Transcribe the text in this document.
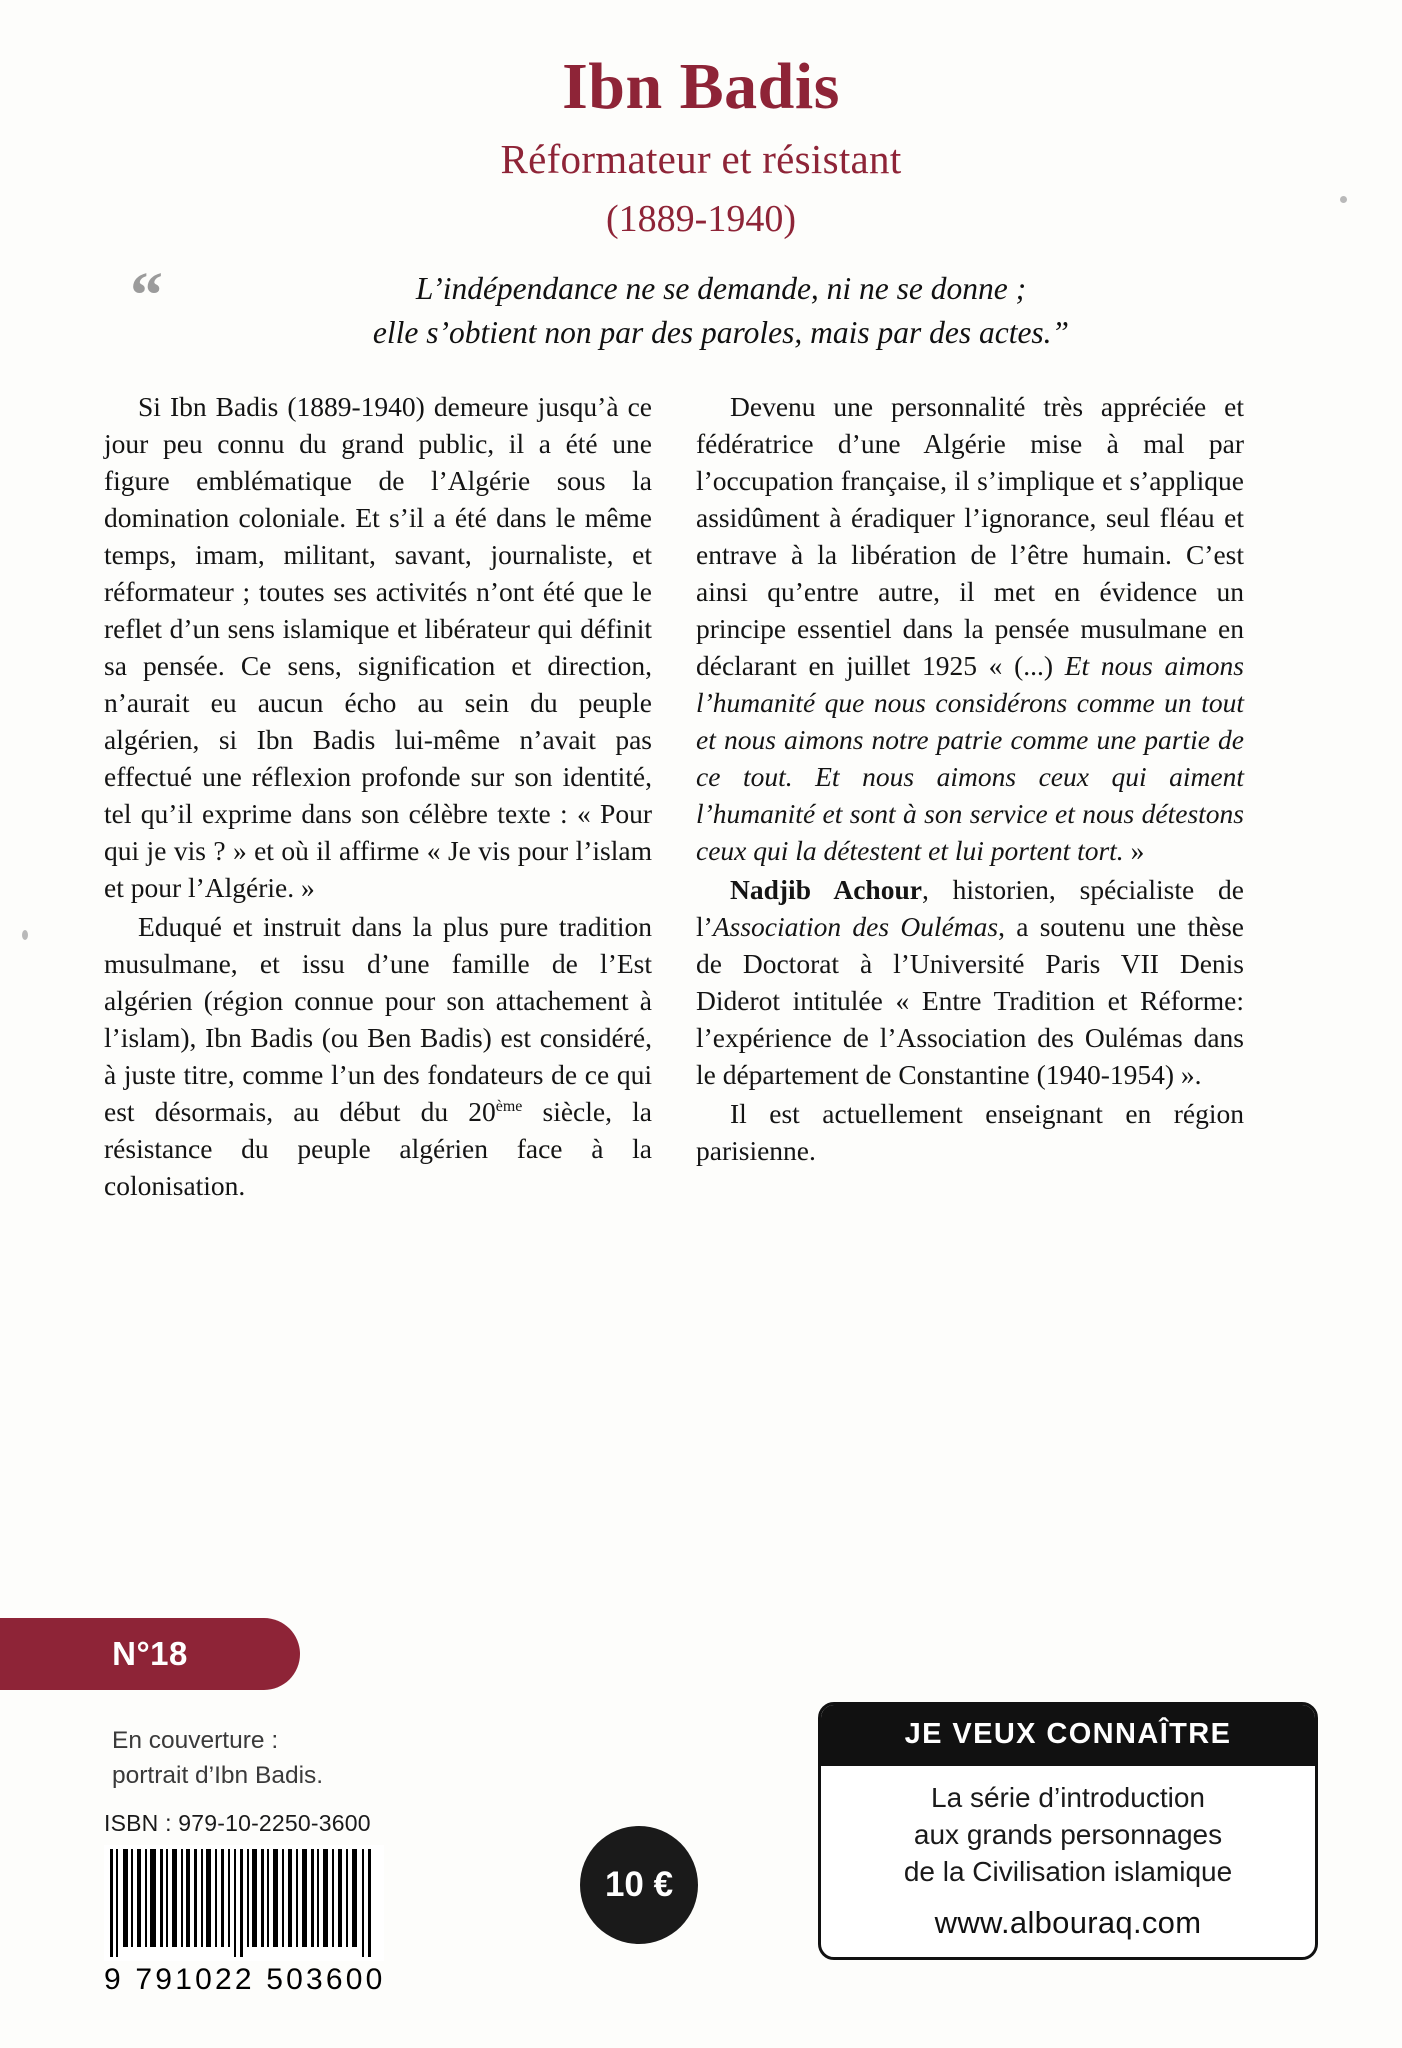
Ibn Badis
Réformateur et résistant
(1889-1940)
“	L’indépendance ne se demande, ni ne se donne ;
elle s’obtient non par des paroles, mais par des actes.”

Si Ibn Badis (1889-1940) demeure jusqu’à ce jour peu connu du grand public, il a été une figure emblématique de l’Algérie sous la domination coloniale. Et s’il a été dans le même temps, imam, militant, savant, journaliste, et réformateur ; toutes ses activités n’ont été que le reflet d’un sens islamique et libérateur qui définit sa pensée. Ce sens, signification et direction, n’aurait eu aucun écho au sein du peuple algérien, si Ibn Badis lui-même n’avait pas effectué une réflexion profonde sur son identité, tel qu’il exprime dans son célèbre texte : « Pour qui je vis ? » et où il affirme « Je vis pour l’islam et pour l’Algérie. »

Eduqué et instruit dans la plus pure tradition musulmane, et issu d’une famille de l’Est algérien (région connue pour son attachement à l’islam), Ibn Badis (ou Ben Badis) est considéré, à juste titre, comme l’un des fondateurs de ce qui est désormais, au début du 20ème siècle, la résistance du peuple algérien face à la colonisation.

Devenu une personnalité très appréciée et fédératrice d’une Algérie mise à mal par l’occupation française, il s’implique et s’applique assidûment à éradiquer l’ignorance, seul fléau et entrave à la libération de l’être humain. C’est ainsi qu’entre autre, il met en évidence un principe essentiel dans la pensée musulmane en déclarant en juillet 1925 « (...) Et nous aimons l’humanité que nous considérons comme un tout et nous aimons notre patrie comme une partie de ce tout. Et nous aimons ceux qui aiment l’humanité et sont à son service et nous détestons ceux qui la détestent et lui portent tort. »

Nadjib Achour, historien, spécialiste de l’Association des Oulémas, a soutenu une thèse de Doctorat à l’Université Paris VII Denis Diderot intitulée « Entre Tradition et Réforme: l’expérience de l’Association des Oulémas dans le département de Constantine (1940-1954) ».

Il est actuellement enseignant en région parisienne.

N°18
En couverture :
portrait d’Ibn Badis.
ISBN : 979-10-2250-3600
9 791022 503600
10 €
JE VEUX CONNAÎTRE
La série d’introduction
aux grands personnages
de la Civilisation islamique
www.albouraq.com
